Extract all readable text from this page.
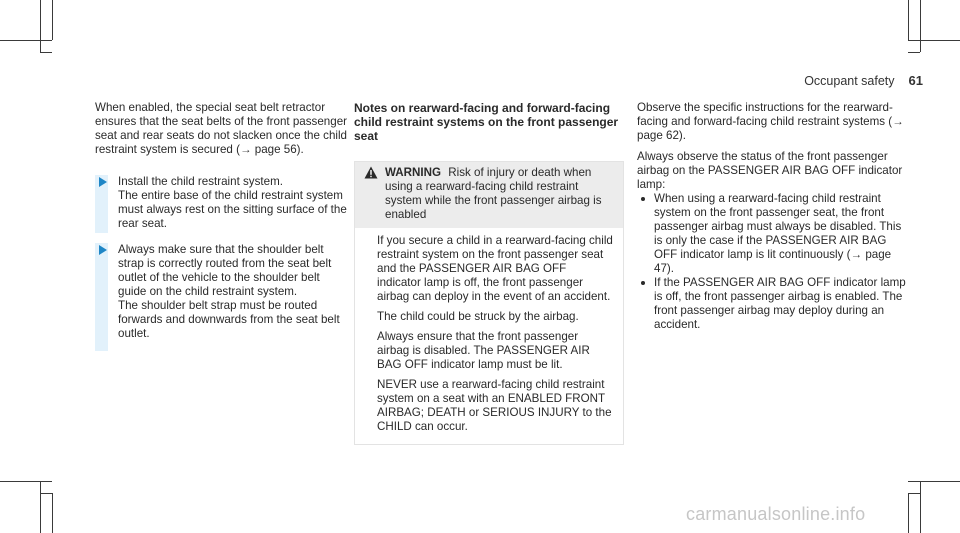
Occupant safety 61

When enabled, the special seat belt retractor ensures that the seat belts of the front passenger seat and rear seats do not slacken once the child restraint system is secured (→ page 56).

Install the child restraint system.

The entire base of the child restraint system must always rest on the sitting surface of the rear seat.

Always make sure that the shoulder belt strap is correctly routed from the seat belt outlet of the vehicle to the shoulder belt guide on the child restraint system.

The shoulder belt strap must be routed forwards and downwards from the seat belt outlet.

Notes on rearward-facing and forward-facing child restraint systems on the front passenger seat
WARNING Risk of injury or death when using a rearward-facing child restraint system while the front passenger airbag is enabled

If you secure a child in a rearward-facing child restraint system on the front passenger seat and the PASSENGER AIR BAG OFF indicator lamp is off, the front passenger airbag can deploy in the event of an accident.

The child could be struck by the airbag.

Always ensure that the front passenger airbag is disabled. The PASSENGER AIR BAG OFF indicator lamp must be lit.

NEVER use a rearward-facing child restraint system on a seat with an ENABLED FRONT AIRBAG; DEATH or SERIOUS INJURY to the CHILD can occur.

Observe the specific instructions for the rearward-facing and forward-facing child restraint systems (→ page 62).

Always observe the status of the front passenger airbag on the PASSENGER AIR BAG OFF indicator lamp:

When using a rearward-facing child restraint system on the front passenger seat, the front passenger airbag must always be disabled. This is only the case if the PASSENGER AIR BAG OFF indicator lamp is lit continuously (→ page 47).
If the PASSENGER AIR BAG OFF indicator lamp is off, the front passenger airbag is enabled. The front passenger airbag may deploy during an accident.
carmanualsonline.info
